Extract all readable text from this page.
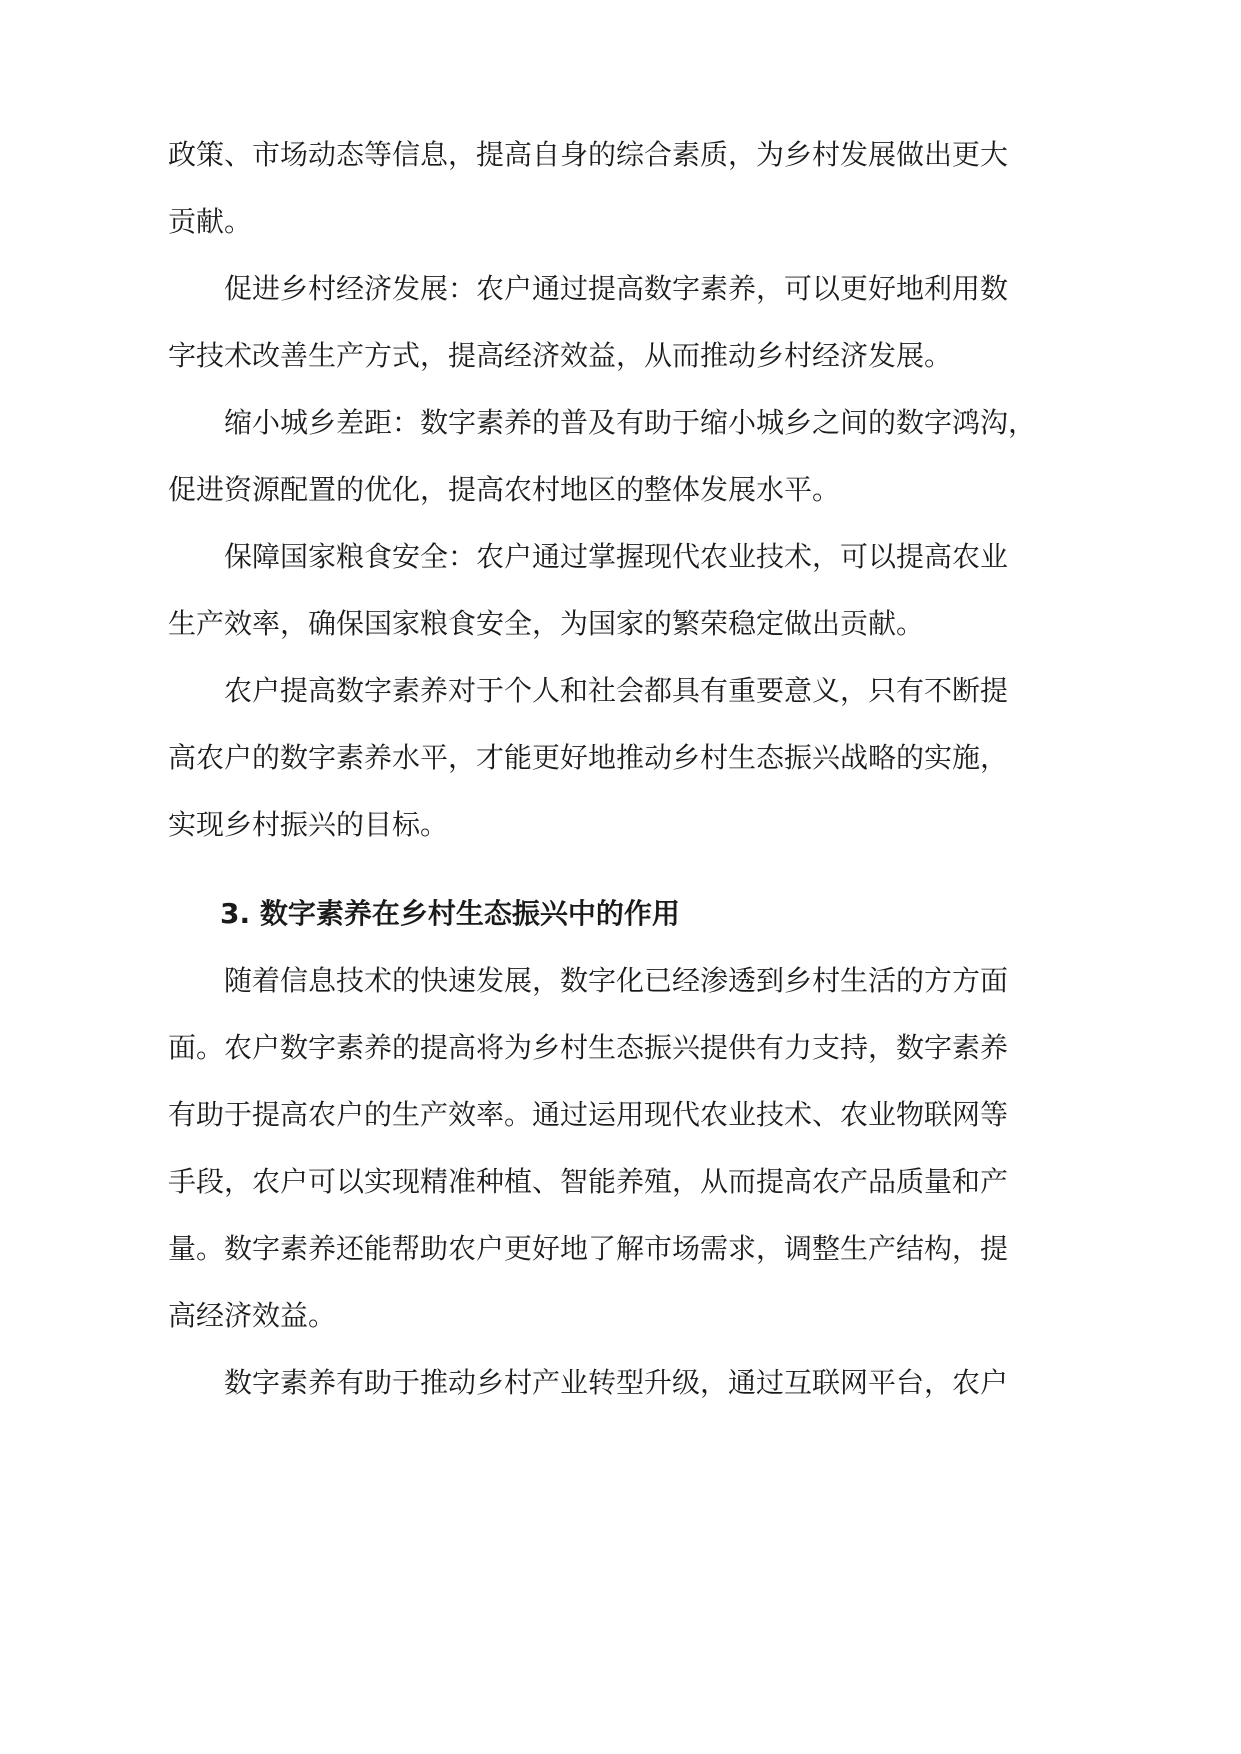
政策、市场动态等信息，提高自身的综合素质，为乡村发展做出更大
贡献。
促进乡村经济发展：农户通过提高数字素养，可以更好地利用数
字技术改善生产方式，提高经济效益，从而推动乡村经济发展。
缩小城乡差距：数字素养的普及有助于缩小城乡之间的数字鸿沟，
促进资源配置的优化，提高农村地区的整体发展水平。
保障国家粮食安全：农户通过掌握现代农业技术，可以提高农业
生产效率，确保国家粮食安全，为国家的繁荣稳定做出贡献。
农户提高数字素养对于个人和社会都具有重要意义，只有不断提
高农户的数字素养水平，才能更好地推动乡村生态振兴战略的实施，
实现乡村振兴的目标。
3. 数字素养在乡村生态振兴中的作用
随着信息技术的快速发展，数字化已经渗透到乡村生活的方方面
面。农户数字素养的提高将为乡村生态振兴提供有力支持，数字素养
有助于提高农户的生产效率。通过运用现代农业技术、农业物联网等
手段，农户可以实现精准种植、智能养殖，从而提高农产品质量和产
量。数字素养还能帮助农户更好地了解市场需求，调整生产结构，提
高经济效益。
数字素养有助于推动乡村产业转型升级，通过互联网平台，农户
